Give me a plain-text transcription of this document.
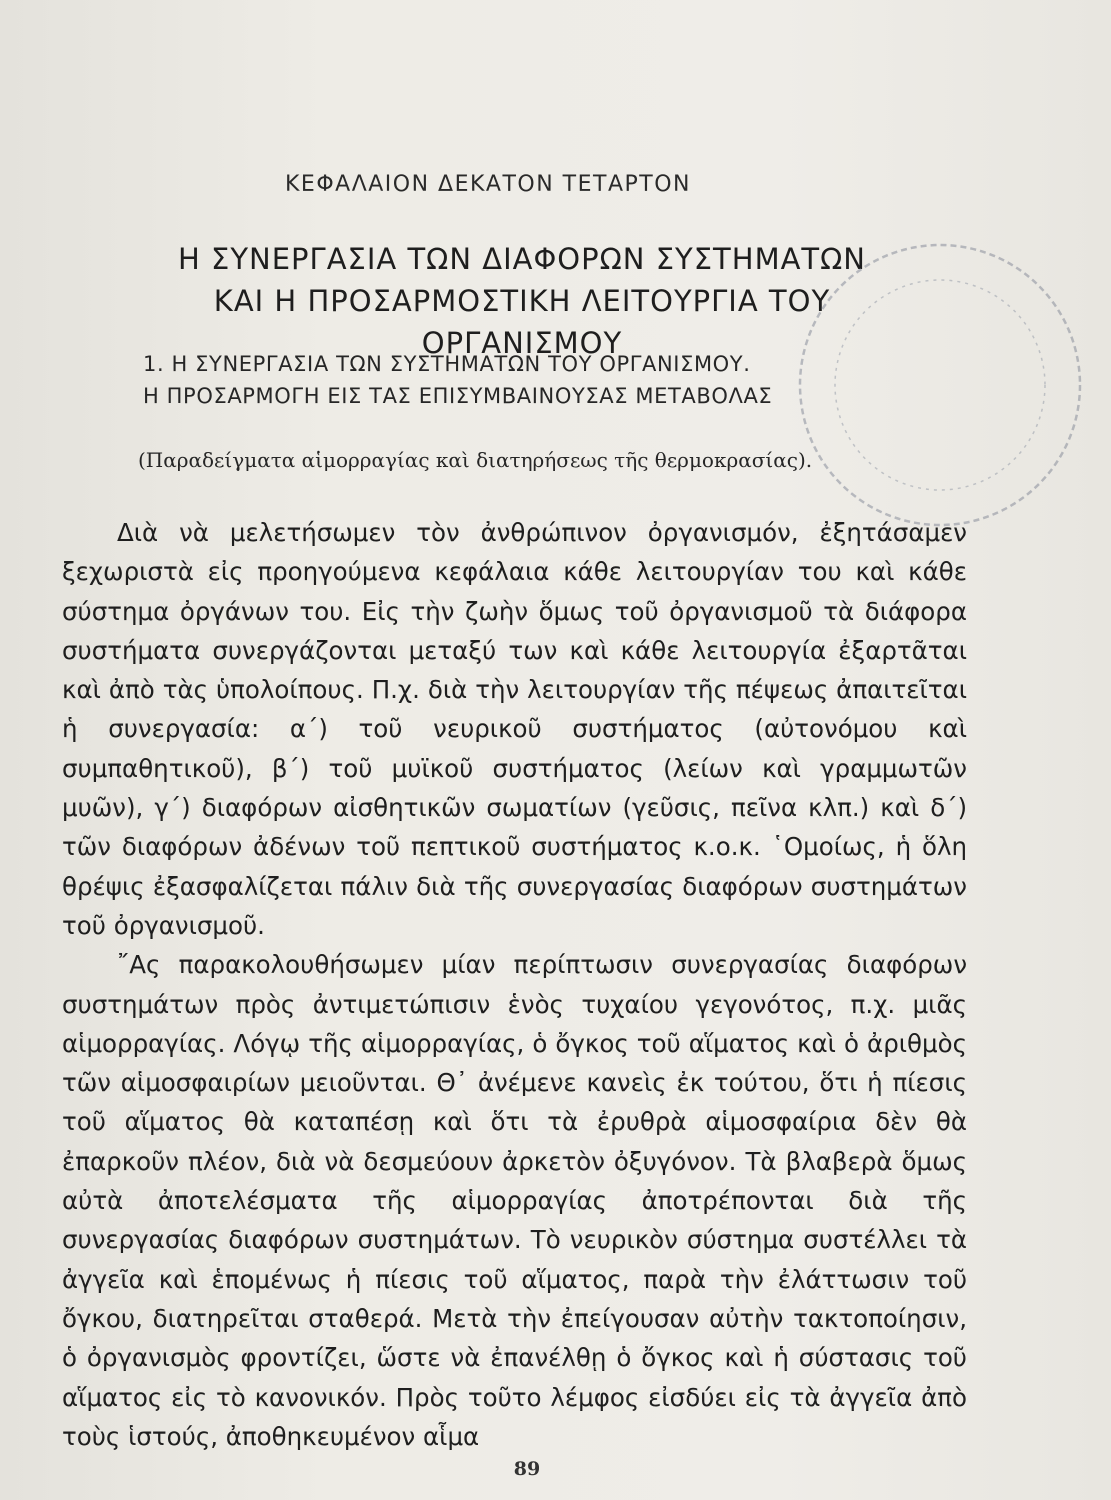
ΚΕΦΑΛΑΙΟΝ ΔΕΚΑΤΟΝ ΤΕΤΑΡΤΟΝ
Η ΣΥΝΕΡΓΑΣΙΑ ΤΩΝ ΔΙΑΦΟΡΩΝ ΣΥΣΤΗΜΑΤΩΝ
ΚΑΙ Η ΠΡΟΣΑΡΜΟΣΤΙΚΗ ΛΕΙΤΟΥΡΓΙΑ ΤΟΥ ΟΡΓΑΝΙΣΜΟΥ
1. Η ΣΥΝΕΡΓΑΣΙΑ ΤΩΝ ΣΥΣΤΗΜΑΤΩΝ ΤΟΥ ΟΡΓΑΝΙΣΜΟΥ.
Η ΠΡΟΣΑΡΜΟΓΗ ΕΙΣ ΤΑΣ ΕΠΙΣΥΜΒΑΙΝΟΥΣΑΣ ΜΕΤΑΒΟΛΑΣ
(Παραδείγματα αἱμορραγίας καὶ διατηρήσεως τῆς θερμοκρασίας).

Διὰ νὰ μελετήσωμεν τὸν ἀνθρώπινον ὀργανισμόν, ἐξητάσαμεν ξεχωριστὰ εἰς προηγούμενα κεφάλαια κάθε λειτουργίαν του καὶ κάθε σύστημα ὀργάνων του. Εἰς τὴν ζωὴν ὅμως τοῦ ὀργανισμοῦ τὰ διάφορα συστήματα συνεργάζονται μεταξύ των καὶ κάθε λειτουργία ἐξαρτᾶται καὶ ἀπὸ τὰς ὑπολοίπους. Π.χ. διὰ τὴν λειτουργίαν τῆς πέψεως ἀπαιτεῖται ἡ συνεργασία: α΄) τοῦ νευρικοῦ συστήματος (αὐτονόμου καὶ συμπαθητικοῦ), β΄) τοῦ μυϊκοῦ συστήματος (λείων καὶ γραμμωτῶν μυῶν), γ΄) διαφόρων αἰσθητικῶν σωματίων (γεῦσις, πεῖνα κλπ.) καὶ δ΄) τῶν διαφόρων ἀδένων τοῦ πεπτικοῦ συστήματος κ.ο.κ. ῾Ομοίως, ἡ ὅλη θρέψις ἐξασφαλίζεται πάλιν διὰ τῆς συνεργασίας διαφόρων συστημάτων τοῦ ὀργανισμοῦ.

῎Ας παρακολουθήσωμεν μίαν περίπτωσιν συνεργασίας διαφόρων συστημάτων πρὸς ἀντιμετώπισιν ἑνὸς τυχαίου γεγονότος, π.χ. μιᾶς αἱμορραγίας. Λόγῳ τῆς αἱμορραγίας, ὁ ὄγκος τοῦ αἵματος καὶ ὁ ἀριθμὸς τῶν αἱμοσφαιρίων μειοῦνται. Θ᾽ ἀνέμενε κανεὶς ἐκ τούτου, ὅτι ἡ πίεσις τοῦ αἵματος θὰ καταπέσῃ καὶ ὅτι τὰ ἐρυθρὰ αἱμοσφαίρια δὲν θὰ ἐπαρκοῦν πλέον, διὰ νὰ δεσμεύουν ἀρκετὸν ὀξυγόνον. Τὰ βλαβερὰ ὅμως αὐτὰ ἀποτελέσματα τῆς αἱμορραγίας ἀποτρέπονται διὰ τῆς συνεργασίας διαφόρων συστημάτων. Τὸ νευρικὸν σύστημα συστέλλει τὰ ἀγγεῖα καὶ ἑπομένως ἡ πίεσις τοῦ αἵματος, παρὰ τὴν ἐλάττωσιν τοῦ ὄγκου, διατηρεῖται σταθερά. Μετὰ τὴν ἐπείγουσαν αὐτὴν τακτοποίησιν, ὁ ὀργανισμὸς φροντίζει, ὥστε νὰ ἐπανέλθῃ ὁ ὄγκος καὶ ἡ σύστασις τοῦ αἵματος εἰς τὸ κανονικόν. Πρὸς τοῦτο λέμφος εἰσδύει εἰς τὰ ἀγγεῖα ἀπὸ τοὺς ἱστούς, ἀποθηκευμένον αἷμα

89
